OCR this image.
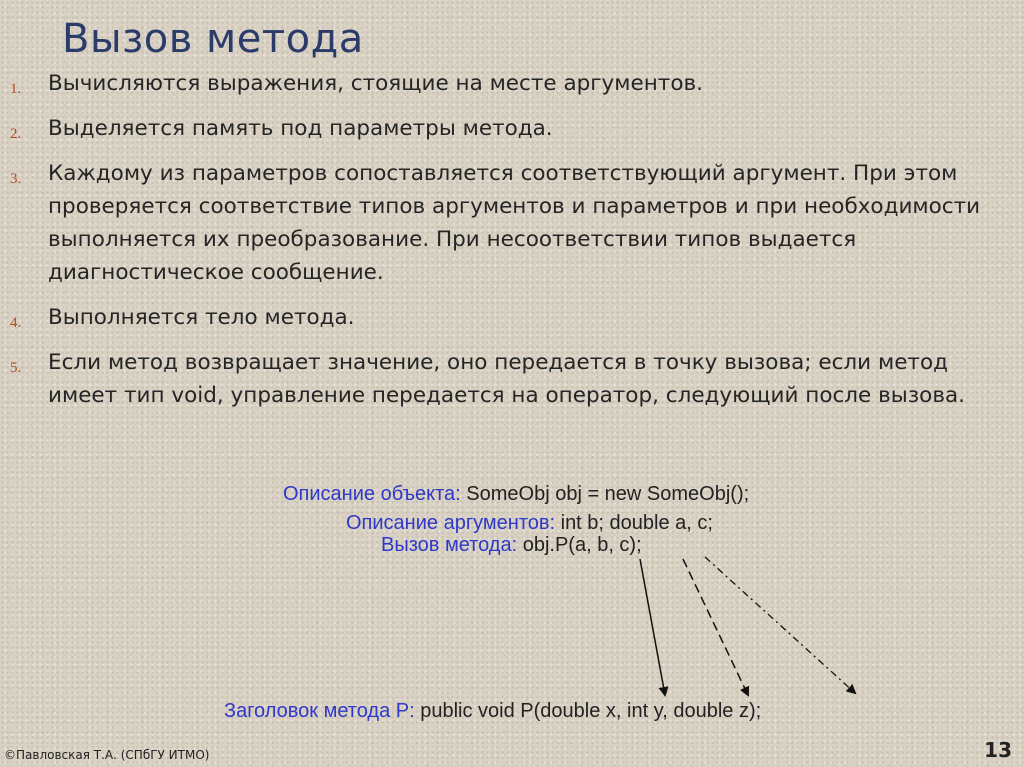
Вызов метода
1. Вычисляются выражения, стоящие на месте аргументов.
2. Выделяется память под параметры метода.
3. Каждому из параметров сопоставляется соответствующий аргумент. При этом проверяется соответствие типов аргументов и параметров и при необходимости выполняется их преобразование. При несоответствии типов выдается диагностическое сообщение.
4. Выполняется тело метода.
5. Если метод возвращает значение, оно передается в точку вызова; если метод имеет тип void, управление передается на оператор, следующий после вызова.
Описание объекта: SomeObj obj = new SomeObj();
Описание аргументов: int b; double a, c;
Вызов метода: obj.P(a, b, c);
Заголовок метода P: public void P(double x, int y, double z);
©Павловская Т.А. (СПбГУ ИТМО)	13
